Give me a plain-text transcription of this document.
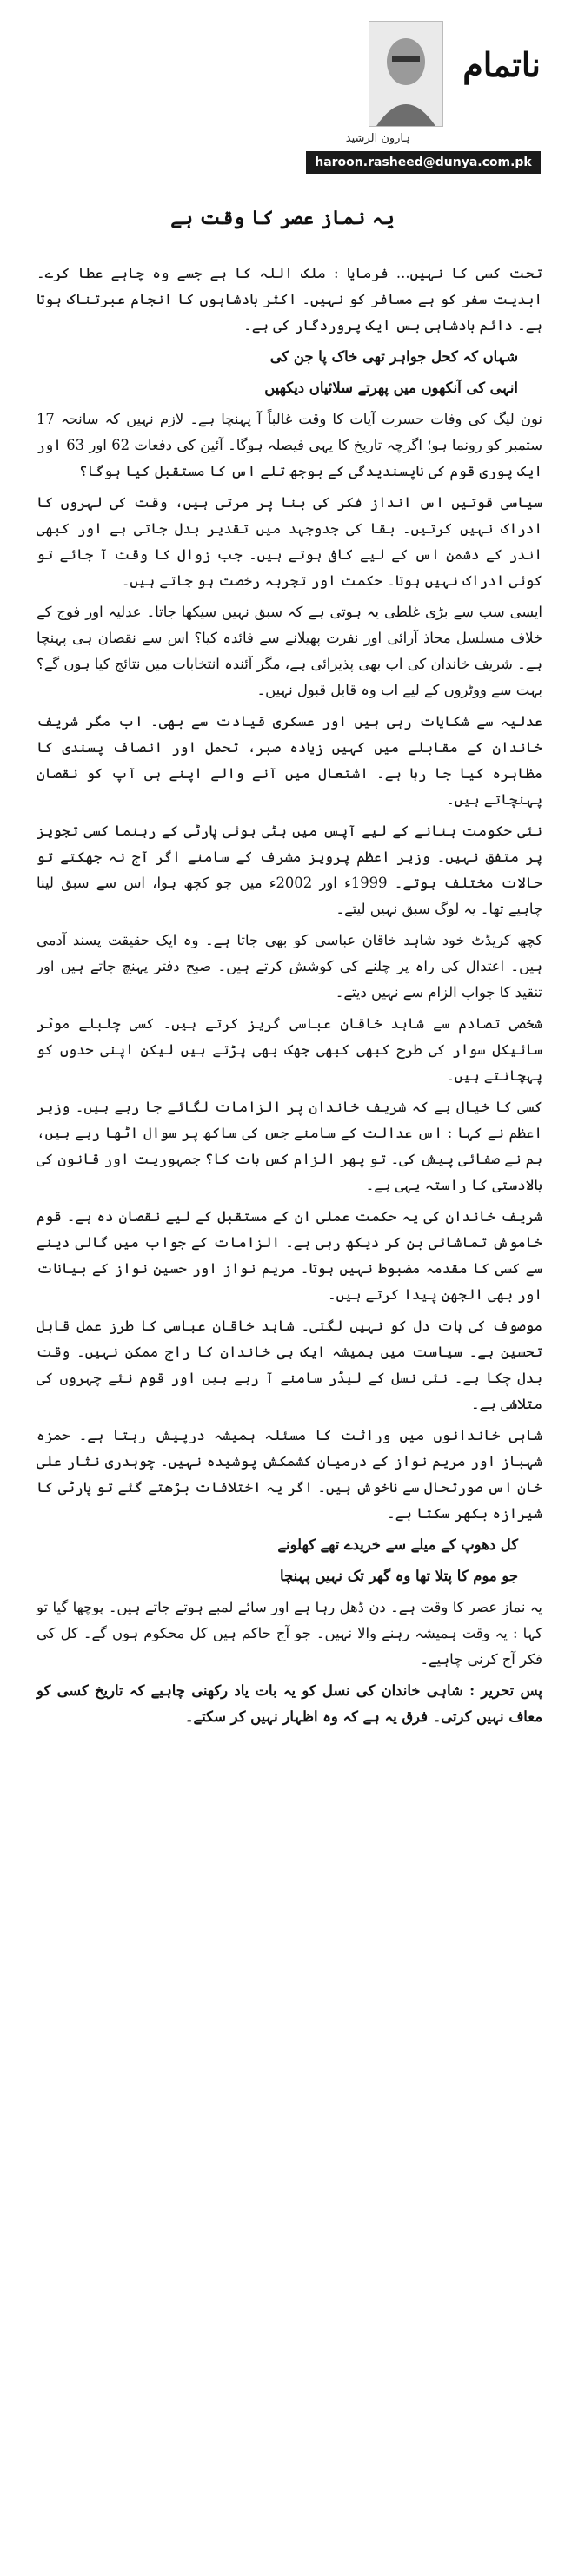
ناتمام
ہارون الرشید
haroon.rasheed@dunya.com.pk
یہ نماز عصر کا وقت ہے

تحت کسی کا نہیں... فرمایا : ملک اللہ کا ہے جسے وہ چاہے عطا کرے۔ ابدیت سفر کو ہے مسافر کو نہیں۔ اکثر بادشاہوں کا انجام عبرتناک ہوتا ہے۔ دائم بادشاہی بس ایک پروردگار کی ہے۔

شہاں کہ کحل جواہر تھی خاک پا جن کی

انہی کی آنکھوں میں پھرتے سلائیاں دیکھیں

نون لیگ کی وفات حسرت آیات کا وقت غالباً آ پہنچا ہے۔ لازم نہیں کہ سانحہ 17 ستمبر کو رونما ہو؛ اگرچہ تاریخ کا یہی فیصلہ ہوگا۔ آئین کی دفعات 62 اور 63 اور ایک پوری قوم کی ناپسندیدگی کے بوجھ تلے اس کا مستقبل کیا ہوگا؟

سیاسی قوتیں اس انداز فکر کی بنا پر مرتی ہیں، وقت کی لہروں کا ادراک نہیں کرتیں۔ بقا کی جدوجہد میں تقدیر بدل جاتی ہے اور کبھی اندر کے دشمن اس کے لیے کافی ہوتے ہیں۔ جب زوال کا وقت آ جائے تو کوئی ادراک نہیں ہوتا۔ حکمت اور تجربہ رخصت ہو جاتے ہیں۔

ایسی سب سے بڑی غلطی یہ ہوتی ہے کہ سبق نہیں سیکھا جاتا۔ عدلیہ اور فوج کے خلاف مسلسل محاذ آرائی اور نفرت پھیلانے سے فائدہ کیا؟ اس سے نقصان ہی پہنچا ہے۔ شریف خاندان کی اب بھی پذیرائی ہے، مگر آئندہ انتخابات میں نتائج کیا ہوں گے؟ بہت سے ووٹروں کے لیے اب وہ قابل قبول نہیں۔

عدلیہ سے شکایات رہی ہیں اور عسکری قیادت سے بھی۔ اب مگر شریف خاندان کے مقابلے میں کہیں زیادہ صبر، تحمل اور انصاف پسندی کا مظاہرہ کیا جا رہا ہے۔ اشتعال میں آنے والے اپنے ہی آپ کو نقصان پہنچاتے ہیں۔

نئی حکومت بنانے کے لیے آپس میں بٹی ہوئی پارٹی کے رہنما کسی تجویز پر متفق نہیں۔ وزیر اعظم پرویز مشرف کے سامنے اگر آج نہ جھکتے تو حالات مختلف ہوتے۔ 1999ء اور 2002ء میں جو کچھ ہوا، اس سے سبق لینا چاہیے تھا۔ یہ لوگ سبق نہیں لیتے۔

کچھ کریڈٹ خود شاہد خاقان عباسی کو بھی جاتا ہے۔ وہ ایک حقیقت پسند آدمی ہیں۔ اعتدال کی راہ پر چلنے کی کوشش کرتے ہیں۔ صبح دفتر پہنچ جاتے ہیں اور تنقید کا جواب الزام سے نہیں دیتے۔

شخصی تصادم سے شاہد خاقان عباسی گریز کرتے ہیں۔ کسی چلبلے موٹر سائیکل سوار کی طرح کبھی کبھی جھک بھی پڑتے ہیں لیکن اپنی حدوں کو پہچانتے ہیں۔

کسی کا خیال ہے کہ شریف خاندان پر الزامات لگائے جا رہے ہیں۔ وزیر اعظم نے کہا : اس عدالت کے سامنے جس کی ساکھ پر سوال اٹھا رہے ہیں، ہم نے صفائی پیش کی۔ تو پھر الزام کس بات کا؟ جمہوریت اور قانون کی بالادستی کا راستہ یہی ہے۔

شریف خاندان کی یہ حکمت عملی ان کے مستقبل کے لیے نقصان دہ ہے۔ قوم خاموش تماشائی بن کر دیکھ رہی ہے۔ الزامات کے جواب میں گالی دینے سے کسی کا مقدمہ مضبوط نہیں ہوتا۔ مریم نواز اور حسین نواز کے بیانات اور بھی الجھن پیدا کرتے ہیں۔

موصوف کی بات دل کو نہیں لگتی۔ شاہد خاقان عباسی کا طرز عمل قابل تحسین ہے۔ سیاست میں ہمیشہ ایک ہی خاندان کا راج ممکن نہیں۔ وقت بدل چکا ہے۔ نئی نسل کے لیڈر سامنے آ رہے ہیں اور قوم نئے چہروں کی متلاشی ہے۔

شاہی خاندانوں میں وراثت کا مسئلہ ہمیشہ درپیش رہتا ہے۔ حمزہ شہباز اور مریم نواز کے درمیان کشمکش پوشیدہ نہیں۔ چوہدری نثار علی خان اس صورتحال سے ناخوش ہیں۔ اگر یہ اختلافات بڑھتے گئے تو پارٹی کا شیرازہ بکھر سکتا ہے۔

کل دھوپ کے میلے سے خریدے تھے کھلونے

جو موم کا پتلا تھا وہ گھر تک نہیں پہنچا

یہ نماز عصر کا وقت ہے۔ دن ڈھل رہا ہے اور سائے لمبے ہوتے جاتے ہیں۔ پوچھا گیا تو کہا : یہ وقت ہمیشہ رہنے والا نہیں۔ جو آج حاکم ہیں کل محکوم ہوں گے۔ کل کی فکر آج کرنی چاہیے۔

پس تحریر : شاہی خاندان کی نسل کو یہ بات یاد رکھنی چاہیے کہ تاریخ کسی کو معاف نہیں کرتی۔ فرق یہ ہے کہ وہ اظہار نہیں کر سکتے۔
